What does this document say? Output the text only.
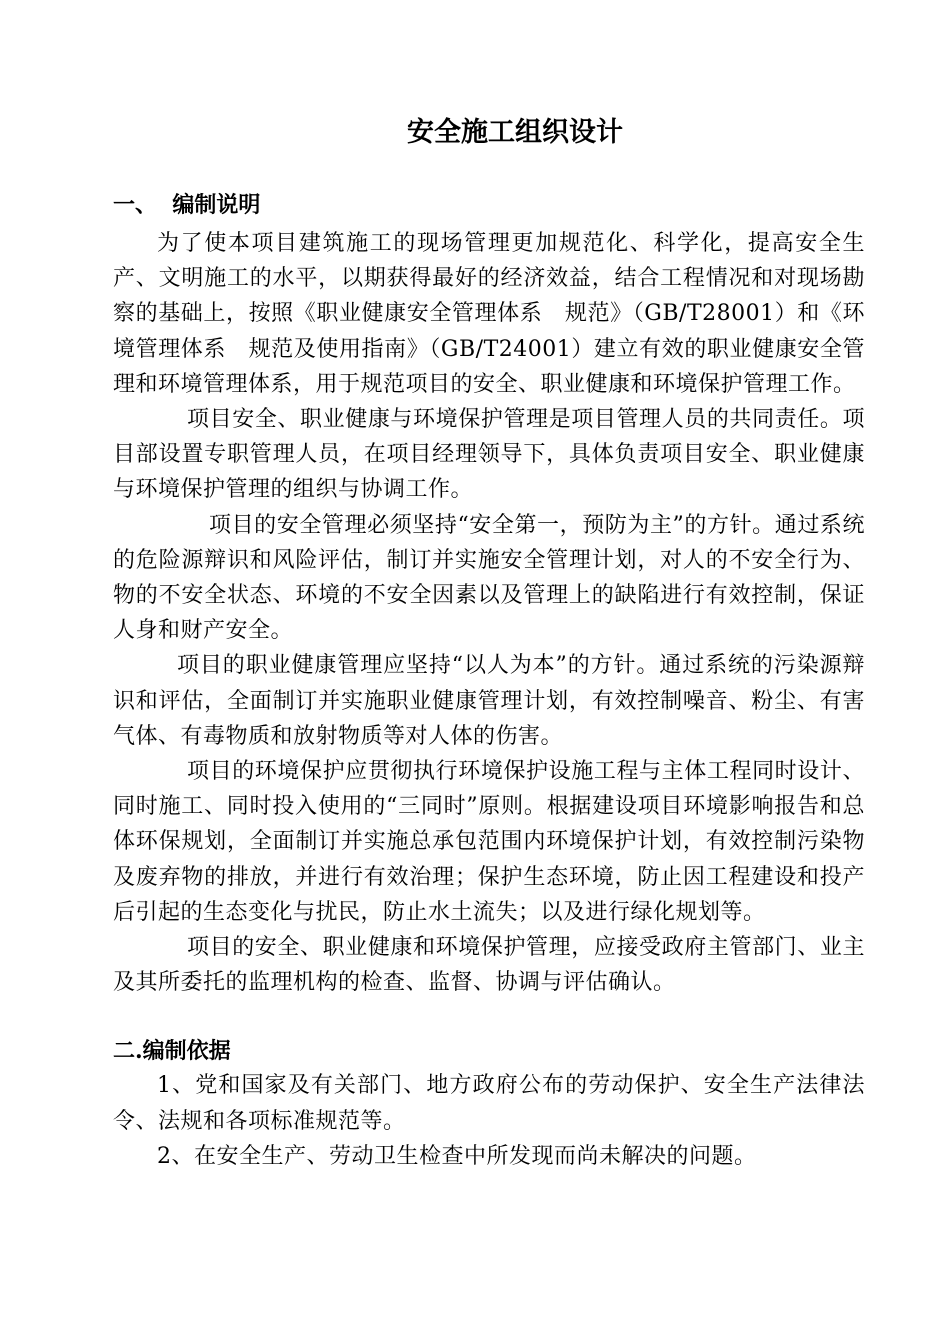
安全施工组织设计

一、  编制说明

为了使本项目建筑施工的现场管理更加规范化、科学化，提高安全生产、文明施工的水平，以期获得最好的经济效益，结合工程情况和对现场勘察的基础上，按照《职业健康安全管理体系　规范》（GB/T28001）和《环境管理体系　规范及使用指南》（GB/T24001）建立有效的职业健康安全管理和环境管理体系，用于规范项目的安全、职业健康和环境保护管理工作。

项目安全、职业健康与环境保护管理是项目管理人员的共同责任。项目部设置专职管理人员，在项目经理领导下，具体负责项目安全、职业健康与环境保护管理的组织与协调工作。

项目的安全管理必须坚持“安全第一，预防为主”的方针。通过系统的危险源辩识和风险评估，制订并实施安全管理计划，对人的不安全行为、物的不安全状态、环境的不安全因素以及管理上的缺陷进行有效控制，保证人身和财产安全。

项目的职业健康管理应坚持“以人为本”的方针。通过系统的污染源辩识和评估，全面制订并实施职业健康管理计划，有效控制噪音、粉尘、有害气体、有毒物质和放射物质等对人体的伤害。

项目的环境保护应贯彻执行环境保护设施工程与主体工程同时设计、同时施工、同时投入使用的“三同时”原则。根据建设项目环境影响报告和总体环保规划，全面制订并实施总承包范围内环境保护计划，有效控制污染物及废弃物的排放，并进行有效治理；保护生态环境，防止因工程建设和投产后引起的生态变化与扰民，防止水土流失；以及进行绿化规划等。

项目的安全、职业健康和环境保护管理，应接受政府主管部门、业主及其所委托的监理机构的检查、监督、协调与评估确认。

二.编制依据

1、党和国家及有关部门、地方政府公布的劳动保护、安全生产法律法令、法规和各项标准规范等。

2、在安全生产、劳动卫生检查中所发现而尚未解决的问题。
